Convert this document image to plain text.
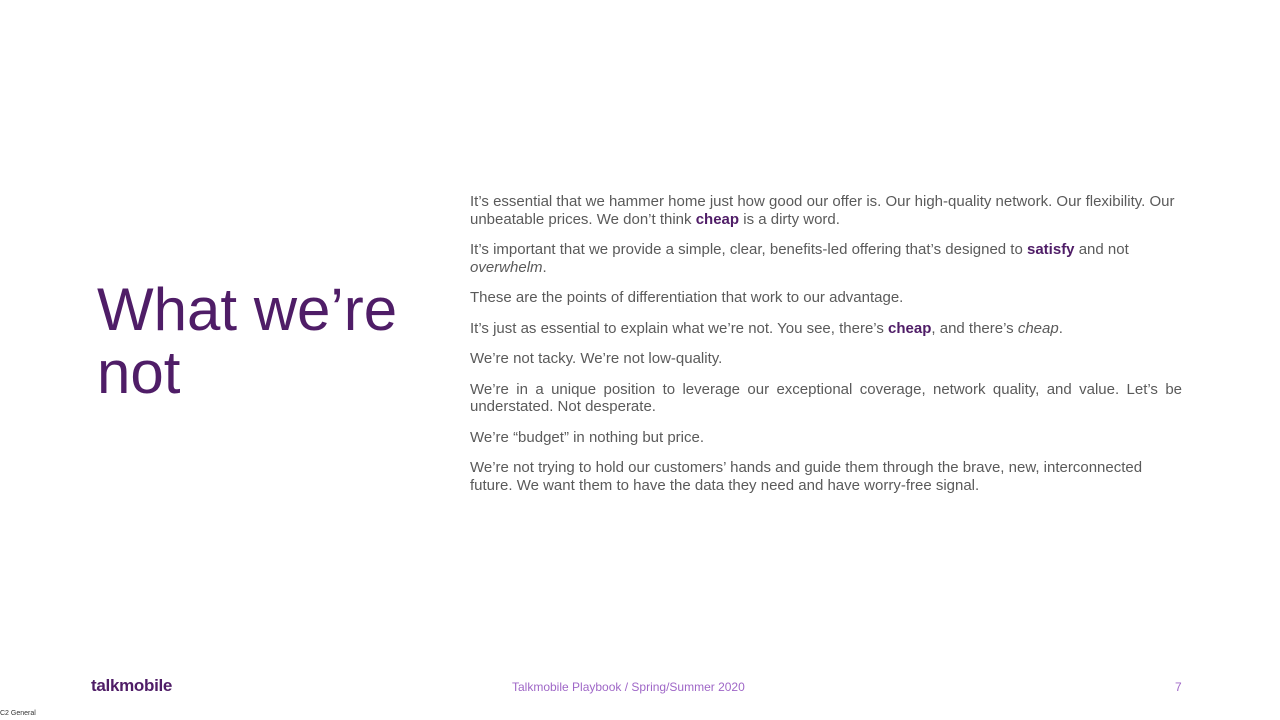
What we’re not

It’s essential that we hammer home just how good our offer is. Our high-quality network. Our flexibility. Our unbeatable prices. We don’t think cheap is a dirty word.

It’s important that we provide a simple, clear, benefits-led offering that’s designed to satisfy and not overwhelm.

These are the points of differentiation that work to our advantage.

It’s just as essential to explain what we’re not. You see, there’s cheap, and there’s cheap.

We’re not tacky. We’re not low-quality.

We’re in a unique position to leverage our exceptional coverage, network quality, and value. Let’s be understated. Not desperate.

We’re “budget” in nothing but price.

We’re not trying to hold our customers’ hands and guide them through the brave, new, interconnected future. We want them to have the data they need and have worry-free signal.

talkmobile	Talkmobile Playbook / Spring/Summer 2020	7
C2 General
